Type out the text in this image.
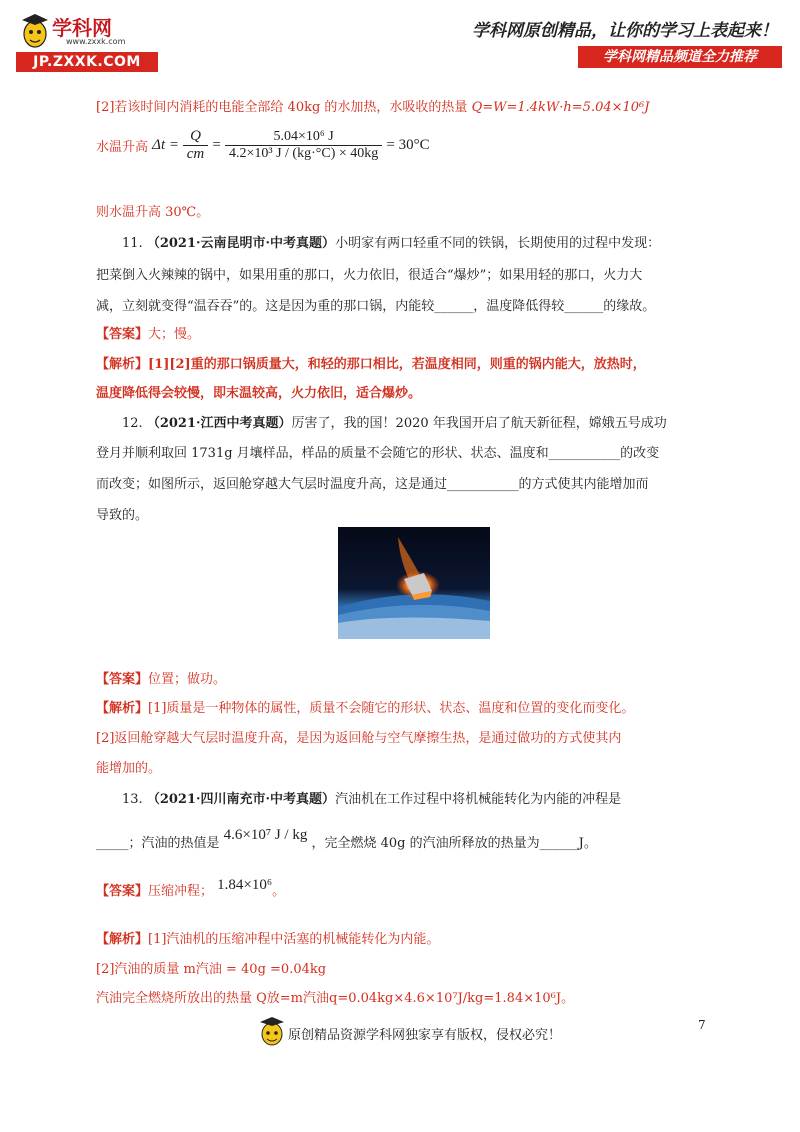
学科网
www.zxxk.com
JP.ZXXK.COM
学科网原创精品，让你的学习上表起来！
学科网精品频道全力推荐
[2]若该时间内消耗的电能全部给 40kg 的水加热，水吸收的热量 Q=W=1.4kW·h=5.04×10⁶J
水温升高 $\Delta t = \frac{Q}{cm} = \frac{\text{5.04×10⁶ J}}{\text{4.2×10³ J / (kg·°C) × 40kg}} = 30^\circ C$
则水温升高 30℃。
11. （2021·云南昆明市·中考真题）小明家有两口轻重不同的铁锅，长期使用的过程中发现：
把菜倒入火辣辣的锅中，如果用重的那口，火力依旧，很适合“爆炒”；如果用轻的那口，火力大
减，立刻就变得“温吞吞”的。这是因为重的那口锅，内能较______，温度降低得较______的缘故。
【答案】大；慢。
【解析】[1][2]重的那口锅质量大，和轻的那口相比，若温度相同，则重的锅内能大，放热时，
温度降低得会较慢，即末温较高，火力依旧，适合爆炒。
12. （2021·江西中考真题）厉害了，我的国！2020 年我国开启了航天新征程，嫦娥五号成功
登月并顺利取回 1731g 月壤样品，样品的质量不会随它的形状、状态、温度和___________的改变
而改变；如图所示，返回舱穿越大气层时温度升高，这是通过___________的方式使其内能增加而
导致的。
【答案】位置；做功。
【解析】[1]质量是一种物体的属性，质量不会随它的形状、状态、温度和位置的变化而变化。
[2]返回舱穿越大气层时温度升高，是因为返回舱与空气摩擦生热，是通过做功的方式使其内
能增加的。
13. （2021·四川南充市·中考真题）汽油机在工作过程中将机械能转化为内能的冲程是
_____；汽油的热值是 4.6×10⁷ J / kg ，完全燃烧 40g 的汽油所释放的热量为______J。
【答案】压缩冲程； 1.84×10⁶。
【解析】[1]汽油机的压缩冲程中活塞的机械能转化为内能。
[2]汽油的质量 m汽油 = 40g =0.04kg
汽油完全燃烧所放出的热量 Q放=m汽油q=0.04kg×4.6×10⁷J/kg=1.84×10⁶J。
7
原创精品资源学科网独家享有版权，侵权必究！
